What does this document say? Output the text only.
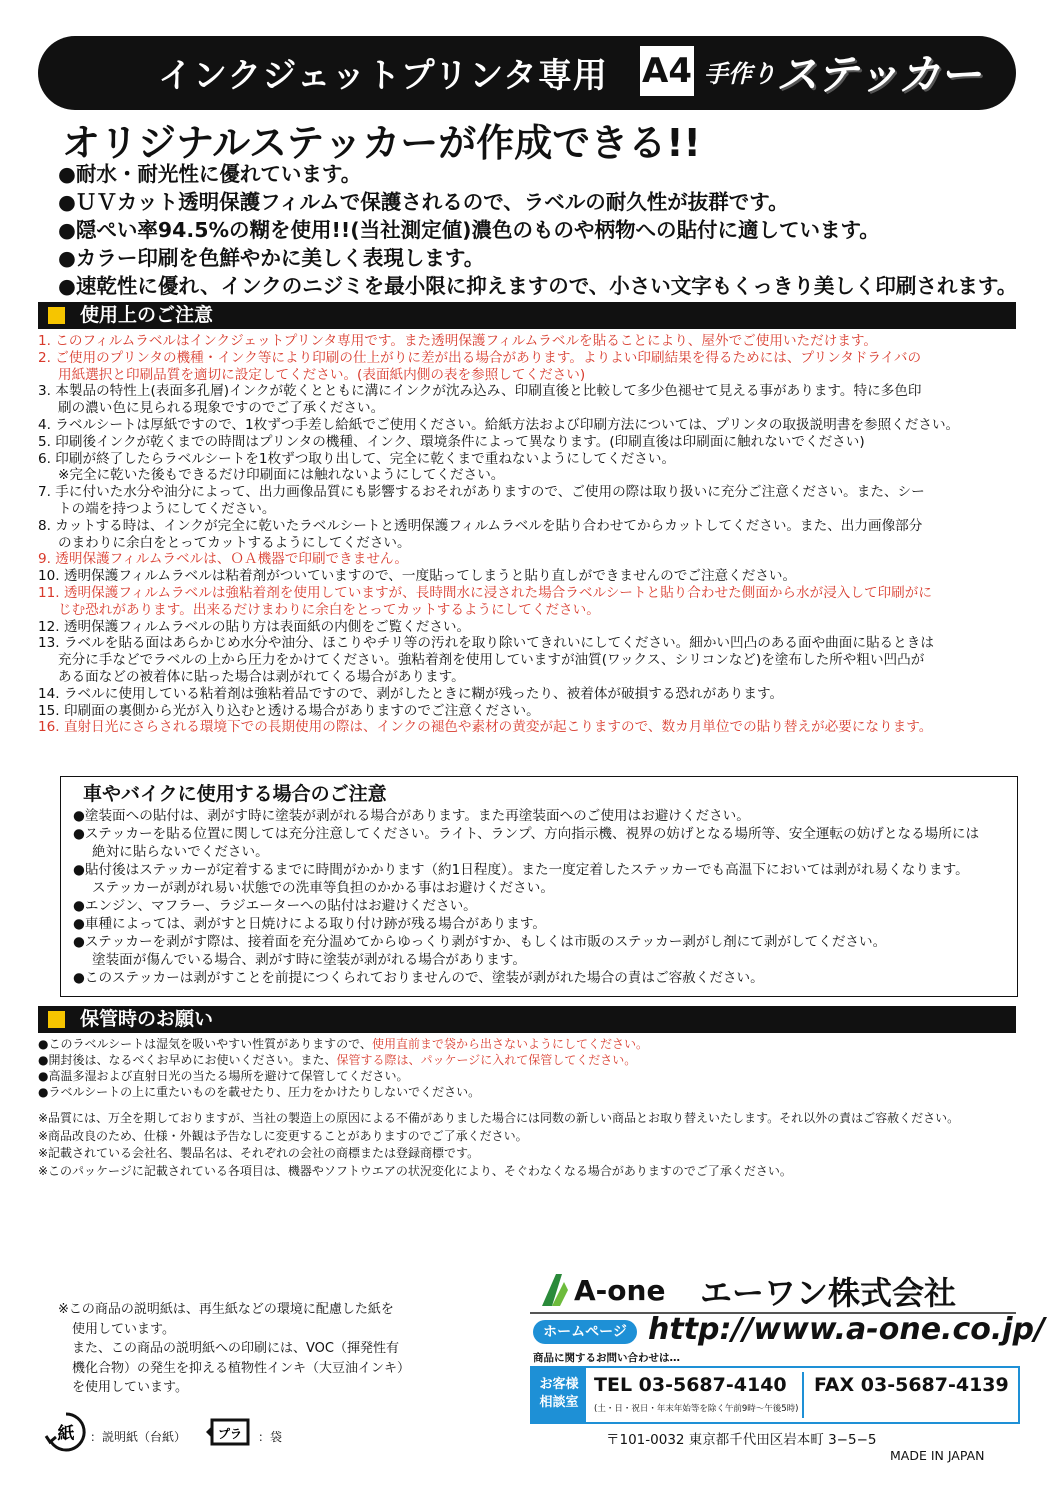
インクジェットプリンタ専用 A4 手作り ステッカー
オリジナルステッカーが作成できる!!
●耐水・耐光性に優れています。
●ＵＶカット透明保護フィルムで保護されるので、ラベルの耐久性が抜群です。
●隠ぺい率94.5%の糊を使用!!(当社測定値)濃色のものや柄物への貼付に適しています。
●カラー印刷を色鮮やかに美しく表現します。
●速乾性に優れ、インクのニジミを最小限に抑えますので、小さい文字もくっきり美しく印刷されます。
使用上のご注意
1. このフィルムラベルはインクジェットプリンタ専用です。また透明保護フィルムラベルを貼ることにより、屋外でご使用いただけます。
2. ご使用のプリンタの機種・インク等により印刷の仕上がりに差が出る場合があります。よりよい印刷結果を得るためには、プリンタドライバの
用紙選択と印刷品質を適切に設定してください。(表面紙内側の表を参照してください)
3. 本製品の特性上(表面多孔層)インクが乾くとともに溝にインクが沈み込み、印刷直後と比較して多少色褪せて見える事があります。特に多色印
刷の濃い色に見られる現象ですのでご了承ください。
4. ラベルシートは厚紙ですので、1枚ずつ手差し給紙でご使用ください。給紙方法および印刷方法については、プリンタの取扱説明書を参照ください。
5. 印刷後インクが乾くまでの時間はプリンタの機種、インク、環境条件によって異なります。(印刷直後は印刷面に触れないでください)
6. 印刷が終了したらラベルシートを1枚ずつ取り出して、完全に乾くまで重ねないようにしてください。
※完全に乾いた後もできるだけ印刷面には触れないようにしてください。
7. 手に付いた水分や油分によって、出力画像品質にも影響するおそれがありますので、ご使用の際は取り扱いに充分ご注意ください。また、シー
トの端を持つようにしてください。
8. カットする時は、インクが完全に乾いたラベルシートと透明保護フィルムラベルを貼り合わせてからカットしてください。また、出力画像部分
のまわりに余白をとってカットするようにしてください。
9. 透明保護フィルムラベルは、ＯＡ機器で印刷できません。
10. 透明保護フィルムラベルは粘着剤がついていますので、一度貼ってしまうと貼り直しができませんのでご注意ください。
11. 透明保護フィルムラベルは強粘着剤を使用していますが、長時間水に浸された場合ラベルシートと貼り合わせた側面から水が浸入して印刷がに
じむ恐れがあります。出来るだけまわりに余白をとってカットするようにしてください。
12. 透明保護フィルムラベルの貼り方は表面紙の内側をご覧ください。
13. ラベルを貼る面はあらかじめ水分や油分、ほこりやチリ等の汚れを取り除いてきれいにしてください。細かい凹凸のある面や曲面に貼るときは
充分に手などでラベルの上から圧力をかけてください。強粘着剤を使用していますが油質(ワックス、シリコンなど)を塗布した所や粗い凹凸が
ある面などの被着体に貼った場合は剥がれてくる場合があります。
14. ラベルに使用している粘着剤は強粘着品ですので、剥がしたときに糊が残ったり、被着体が破損する恐れがあります。
15. 印刷面の裏側から光が入り込むと透ける場合がありますのでご注意ください。
16. 直射日光にさらされる環境下での長期使用の際は、インクの褪色や素材の黄変が起こりますので、数カ月単位での貼り替えが必要になります。
車やバイクに使用する場合のご注意
●塗装面への貼付は、剥がす時に塗装が剥がれる場合があります。また再塗装面へのご使用はお避けください。
●ステッカーを貼る位置に関しては充分注意してください。ライト、ランプ、方向指示機、視界の妨げとなる場所等、安全運転の妨げとなる場所には
絶対に貼らないでください。
●貼付後はステッカーが定着するまでに時間がかかります（約1日程度）。また一度定着したステッカーでも高温下においては剥がれ易くなります。
ステッカーが剥がれ易い状態での洗車等負担のかかる事はお避けください。
●エンジン、マフラー、ラジエーターへの貼付はお避けください。
●車種によっては、剥がすと日焼けによる取り付け跡が残る場合があります。
●ステッカーを剥がす際は、接着面を充分温めてからゆっくり剥がすか、もしくは市販のステッカー剥がし剤にて剥がしてください。
塗装面が傷んでいる場合、剥がす時に塗装が剥がれる場合があります。
●このステッカーは剥がすことを前提につくられておりませんので、塗装が剥がれた場合の責はご容赦ください。
保管時のお願い
●このラベルシートは湿気を吸いやすい性質がありますので、使用直前まで袋から出さないようにしてください。
●開封後は、なるべくお早めにお使いください。また、保管する際は、パッケージに入れて保管してください。
●高温多湿および直射日光の当たる場所を避けて保管してください。
●ラベルシートの上に重たいものを載せたり、圧力をかけたりしないでください。
※品質には、万全を期しておりますが、当社の製造上の原因による不備がありました場合には同数の新しい商品とお取り替えいたします。それ以外の責はご容赦ください。
※商品改良のため、仕様・外観は予告なしに変更することがありますのでご了承ください。
※記載されている会社名、製品名は、それぞれの会社の商標または登録商標です。
※このパッケージに記載されている各項目は、機器やソフトウエアの状況変化により、そぐわなくなる場合がありますのでご了承ください。
※この商品の説明紙は、再生紙などの環境に配慮した紙を
使用しています。
また、この商品の説明紙への印刷には、VOC（揮発性有
機化合物）の発生を抑える植物性インキ（大豆油インキ）
を使用しています。
紙 ：説明紙（台紙）	プラ ：袋
A-one エーワン株式会社
ホームページ http://www.a-one.co.jp/
商品に関するお問い合わせは…
お客様
相談室
TEL 03-5687-4140
(土・日・祝日・年末年始等を除く午前9時〜午後5時)
FAX 03-5687-4139
〒101-0032 東京都千代田区岩本町 3−5−5
MADE IN JAPAN
